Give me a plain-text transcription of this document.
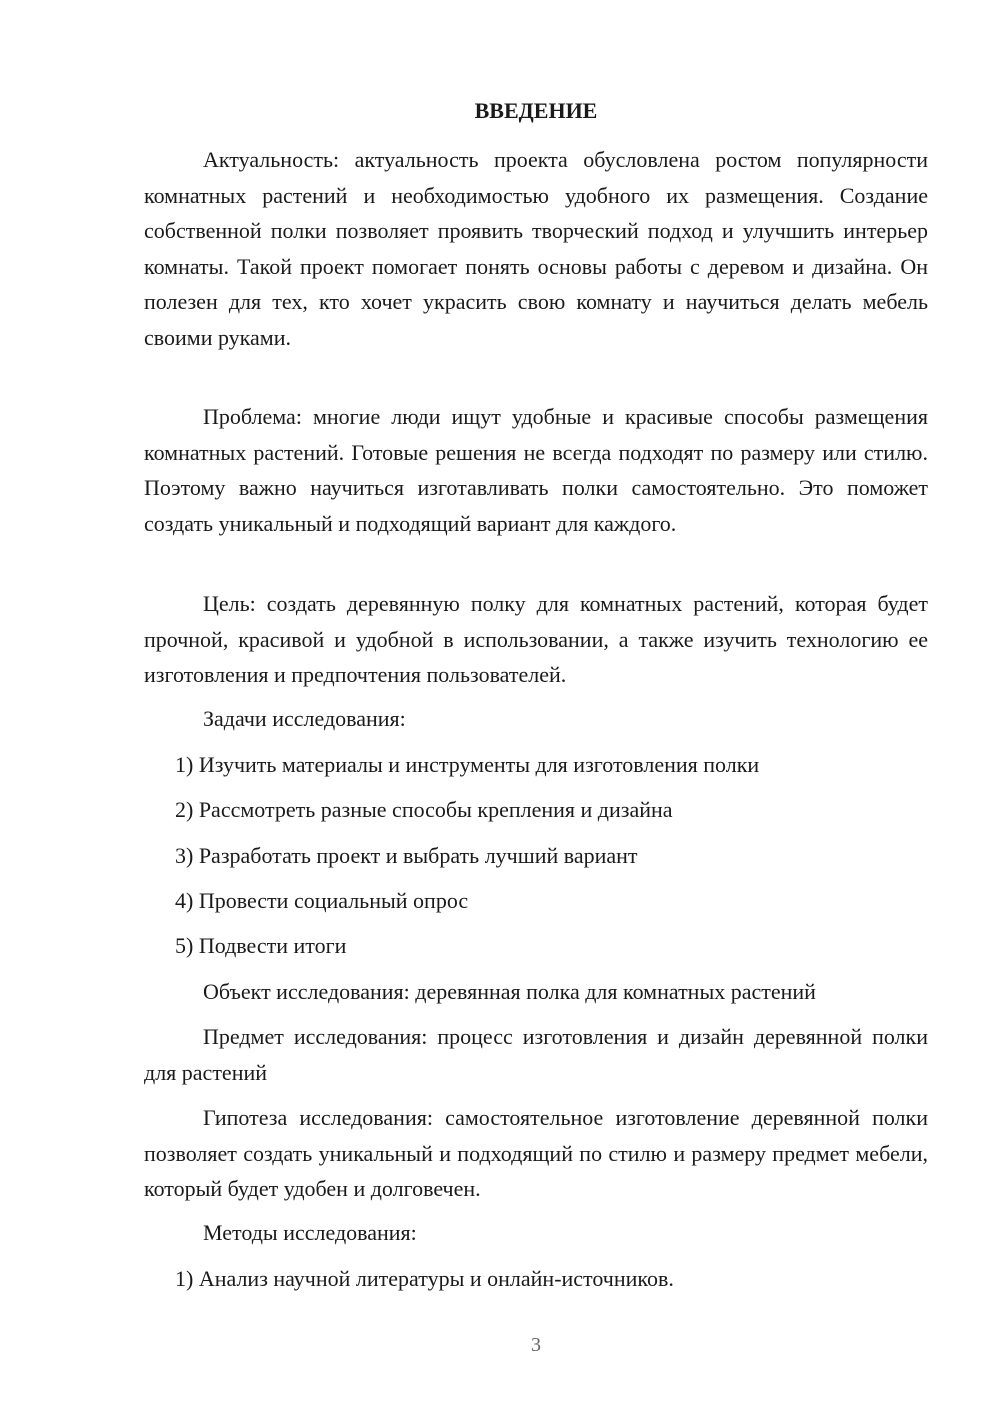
ВВЕДЕНИЕ

Актуальность: актуальность проекта обусловлена ростом популярности комнатных растений и необходимостью удобного их размещения. Создание собственной полки позволяет проявить творческий подход и улучшить интерьер комнаты. Такой проект помогает понять основы работы с деревом и дизайна. Он полезен для тех, кто хочет украсить свою комнату и научиться делать мебель своими руками.

Проблема: многие люди ищут удобные и красивые способы размещения комнатных растений. Готовые решения не всегда подходят по размеру или стилю. Поэтому важно научиться изготавливать полки самостоятельно. Это поможет создать уникальный и подходящий вариант для каждого.

Цель: создать деревянную полку для комнатных растений, которая будет прочной, красивой и удобной в использовании, а также изучить технологию ее изготовления и предпочтения пользователей.

Задачи исследования:

1) Изучить материалы и инструменты для изготовления полки

2) Рассмотреть разные способы крепления и дизайна

3) Разработать проект и выбрать лучший вариант

4) Провести социальный опрос

5) Подвести итоги

Объект исследования: деревянная полка для комнатных растений

Предмет исследования: процесс изготовления и дизайн деревянной полки для растений

Гипотеза исследования: самостоятельное изготовление деревянной полки позволяет создать уникальный и подходящий по стилю и размеру предмет мебели, который будет удобен и долговечен.

Методы исследования:

1) Анализ научной литературы и онлайн-источников.

3
